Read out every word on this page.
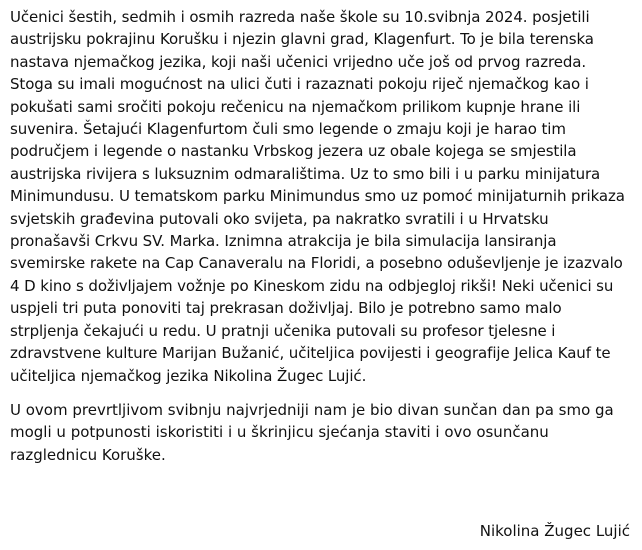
Učenici šestih, sedmih i osmih razreda naše škole su 10.svibnja 2024. posjetili austrijsku pokrajinu Korušku i njezin glavni grad, Klagenfurt. To je bila terenska nastava njemačkog jezika, koji naši učenici vrijedno uče još od prvog razreda. Stoga su imali mogućnost na ulici čuti i razaznati pokoju riječ njemačkog kao i pokušati sami sročiti pokoju rečenicu na njemačkom prilikom kupnje hrane ili suvenira. Šetajući Klagenfurtom čuli smo legende o zmaju koji je harao tim područjem i legende o nastanku Vrbskog jezera uz obale kojega se smjestila austrijska rivijera s luksuznim odmaralištima. Uz to smo bili i u parku minijatura Minimundusu. U tematskom parku Minimundus smo uz pomoć minijaturnih prikaza svjetskih građevina putovali oko svijeta, pa nakratko svratili i u Hrvatsku pronašavši Crkvu SV. Marka. Iznimna atrakcija je bila simulacija lansiranja svemirske rakete na Cap Canaveralu na Floridi, a posebno oduševljenje je izazvalo 4 D kino s doživljajem vožnje po Kineskom zidu na odbjegloj rikši! Neki učenici su uspjeli tri puta ponoviti taj prekrasan doživljaj. Bilo je potrebno samo malo strpljenja čekajući u redu. U pratnji učenika putovali su profesor tjelesne i zdravstvene kulture Marijan Bužanić, učiteljica povijesti i geografije Jelica Kauf te učiteljica njemačkog jezika Nikolina Žugec Lujić.

U ovom prevrtljivom svibnju najvrjedniji nam je bio divan sunčan dan pa smo ga mogli u potpunosti iskoristiti i u škrinjicu sjećanja staviti i ovo osunčanu razglednicu Koruške.

Nikolina Žugec Lujić
